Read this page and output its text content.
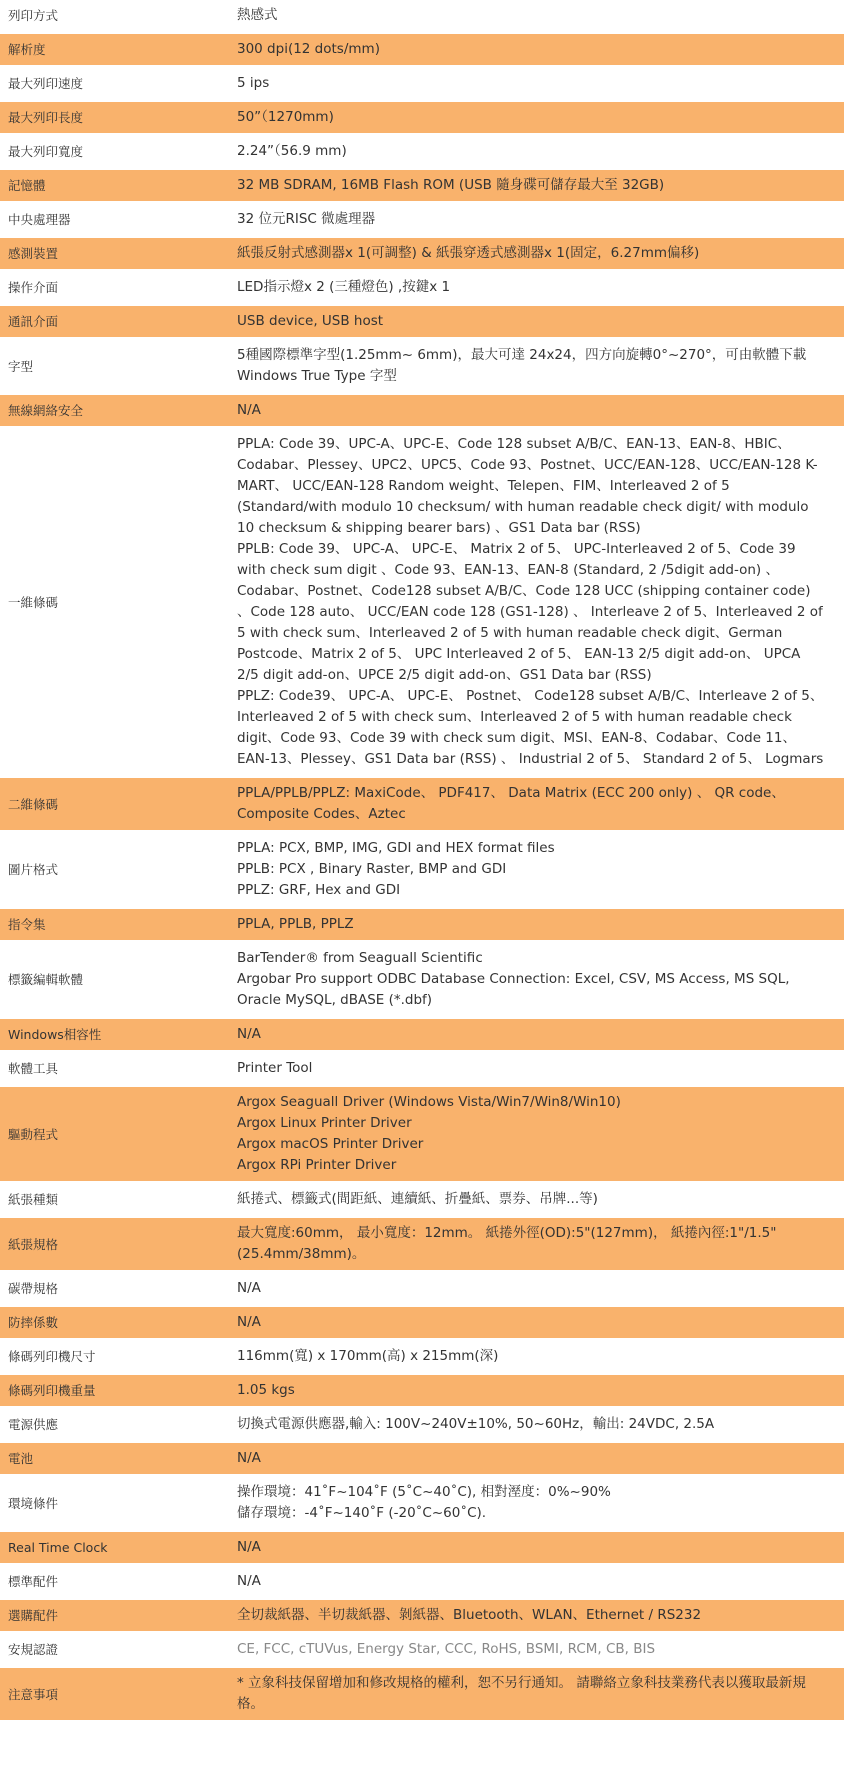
列印方式	熱感式

解析度	300 dpi(12 dots/mm)

最大列印速度	5 ips

最大列印長度	50”（1270mm)

最大列印寬度	2.24”（56.9 mm)

記憶體	32 MB SDRAM, 16MB Flash ROM (USB 隨身碟可儲存最大至 32GB)

中央處理器	32 位元RISC 微處理器

感測裝置	紙張反射式感測器x 1(可調整) & 紙張穿透式感測器x 1(固定，6.27mm偏移)

操作介面	LED指示燈x 2 (三種燈色) ,按鍵x 1

通訊介面	USB device, USB host

字型	5種國際標準字型(1.25mm~ 6mm)，最大可達 24x24，四方向旋轉0°~270°，可由軟體下載 Windows True Type 字型

無線網絡安全	N/A

一維條碼	PPLA: Code 39、UPC-A、UPC-E、Code 128 subset A/B/C、EAN-13、EAN-8、HBIC、Codabar、Plessey、UPC2、UPC5、Code 93、Postnet、UCC/EAN-128、UCC/EAN-128 K-MART、 UCC/EAN-128 Random weight、Telepen、FIM、Interleaved 2 of 5 (Standard/with modulo 10 checksum/ with human readable check digit/ with modulo 10 checksum & shipping bearer bars) 、GS1 Data bar (RSS)
PPLB: Code 39、 UPC-A、 UPC-E、 Matrix 2 of 5、 UPC-Interleaved 2 of 5、Code 39 with check sum digit 、Code 93、EAN-13、EAN-8 (Standard, 2 /5digit add-on) 、Codabar、Postnet、Code128 subset A/B/C、Code 128 UCC (shipping container code) 、Code 128 auto、 UCC/EAN code 128 (GS1-128) 、 Interleave 2 of 5、Interleaved 2 of 5 with check sum、Interleaved 2 of 5 with human readable check digit、German Postcode、Matrix 2 of 5、 UPC Interleaved 2 of 5、 EAN-13 2/5 digit add-on、 UPCA 2/5 digit add-on、UPCE 2/5 digit add-on、GS1 Data bar (RSS)
PPLZ: Code39、 UPC-A、 UPC-E、 Postnet、 Code128 subset A/B/C、Interleave 2 of 5、Interleaved 2 of 5 with check sum、Interleaved 2 of 5 with human readable check digit、Code 93、Code 39 with check sum digit、MSI、EAN-8、Codabar、Code 11、EAN-13、Plessey、GS1 Data bar (RSS) 、 Industrial 2 of 5、 Standard 2 of 5、 Logmars

二維條碼	PPLA/PPLB/PPLZ: MaxiCode、 PDF417、 Data Matrix (ECC 200 only) 、 QR code、Composite Codes、Aztec

圖片格式	PPLA: PCX, BMP, IMG, GDI and HEX format files
PPLB: PCX , Binary Raster, BMP and GDI
PPLZ: GRF, Hex and GDI

指令集	PPLA, PPLB, PPLZ

標籤編輯軟體	BarTender® from Seaguall Scientific
Argobar Pro support ODBC Database Connection: Excel, CSV, MS Access, MS SQL, Oracle MySQL, dBASE (*.dbf)

Windows相容性	N/A

軟體工具	Printer Tool

驅動程式	Argox Seaguall Driver (Windows Vista/Win7/Win8/Win10)
Argox Linux Printer Driver
Argox macOS Printer Driver
Argox RPi Printer Driver

紙張種類	紙捲式、標籤式(間距紙、連續紙、折疊紙、票券、吊牌...等)

紙張規格	最大寬度:60mm， 最小寬度：12mm。 紙捲外徑(OD):5"(127mm)， 紙捲內徑:1"/1.5" (25.4mm/38mm)。

碳帶規格	N/A

防摔係數	N/A

條碼列印機尺寸	116mm(寬) x 170mm(高) x 215mm(深)

條碼列印機重量	1.05 kgs

電源供應	切換式電源供應器,輸入: 100V~240V±10%, 50~60Hz，輸出: 24VDC, 2.5A

電池	N/A

環境條件	操作環境：41˚F~104˚F (5˚C~40˚C), 相對溼度：0%~90%
儲存環境：-4˚F~140˚F (-20˚C~60˚C).

Real Time Clock	N/A

標準配件	N/A

選購配件	全切裁紙器、半切裁紙器、剝紙器、Bluetooth、WLAN、Ethernet / RS232

安規認證	CE, FCC, cTUVus, Energy Star, CCC, RoHS, BSMI, RCM, CB, BIS

注意事項	* 立象科技保留增加和修改規格的權利，恕不另行通知。 請聯絡立象科技業務代表以獲取最新規格。
